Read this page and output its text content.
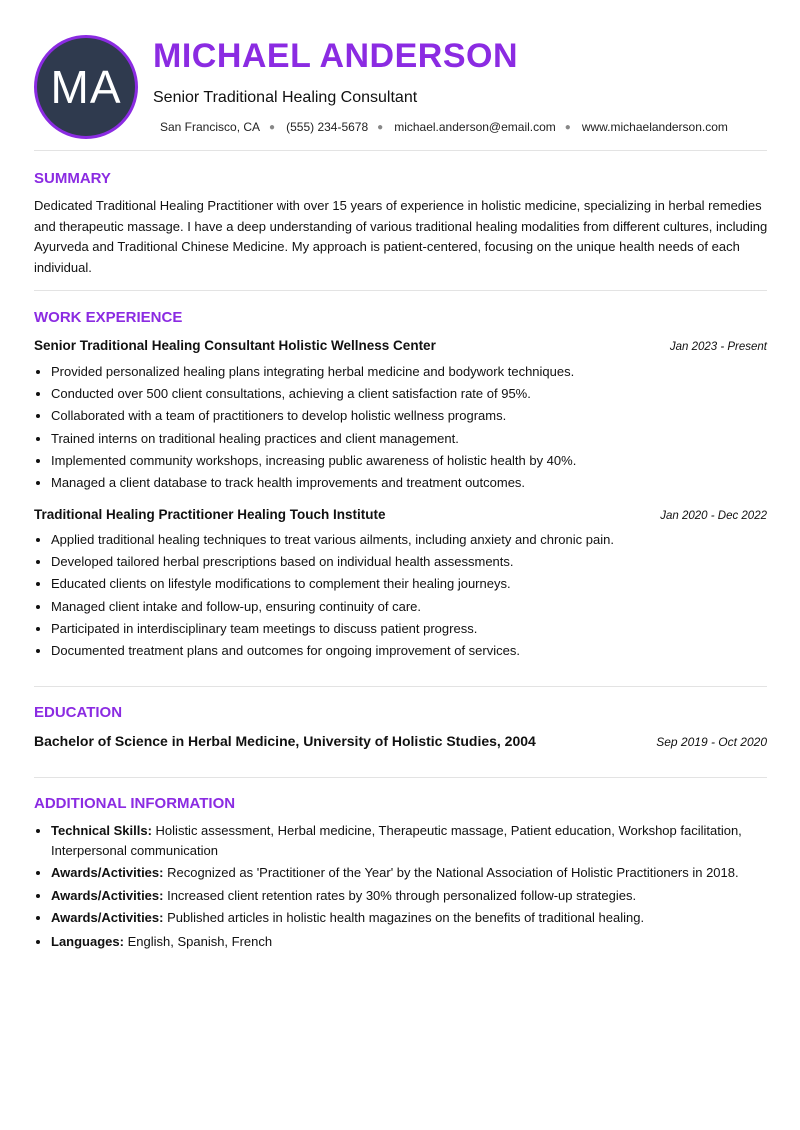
MA
MICHAEL ANDERSON
Senior Traditional Healing Consultant
San Francisco, CA ● (555) 234-5678 ● michael.anderson@email.com ● www.michaelanderson.com
SUMMARY
Dedicated Traditional Healing Practitioner with over 15 years of experience in holistic medicine, specializing in herbal remedies and therapeutic massage. I have a deep understanding of various traditional healing modalities from different cultures, including Ayurveda and Traditional Chinese Medicine. My approach is patient-centered, focusing on the unique health needs of each individual.
WORK EXPERIENCE
Senior Traditional Healing Consultant Holistic Wellness Center	Jan 2023 - Present
• Provided personalized healing plans integrating herbal medicine and bodywork techniques.
• Conducted over 500 client consultations, achieving a client satisfaction rate of 95%.
• Collaborated with a team of practitioners to develop holistic wellness programs.
• Trained interns on traditional healing practices and client management.
• Implemented community workshops, increasing public awareness of holistic health by 40%.
• Managed a client database to track health improvements and treatment outcomes.
Traditional Healing Practitioner Healing Touch Institute	Jan 2020 - Dec 2022
• Applied traditional healing techniques to treat various ailments, including anxiety and chronic pain.
• Developed tailored herbal prescriptions based on individual health assessments.
• Educated clients on lifestyle modifications to complement their healing journeys.
• Managed client intake and follow-up, ensuring continuity of care.
• Participated in interdisciplinary team meetings to discuss patient progress.
• Documented treatment plans and outcomes for ongoing improvement of services.
EDUCATION
Bachelor of Science in Herbal Medicine, University of Holistic Studies, 2004	Sep 2019 - Oct 2020
ADDITIONAL INFORMATION
• Technical Skills: Holistic assessment, Herbal medicine, Therapeutic massage, Patient education, Workshop facilitation, Interpersonal communication
• Awards/Activities: Recognized as 'Practitioner of the Year' by the National Association of Holistic Practitioners in 2018.
• Awards/Activities: Increased client retention rates by 30% through personalized follow-up strategies.
• Awards/Activities: Published articles in holistic health magazines on the benefits of traditional healing.
• Languages: English, Spanish, French
